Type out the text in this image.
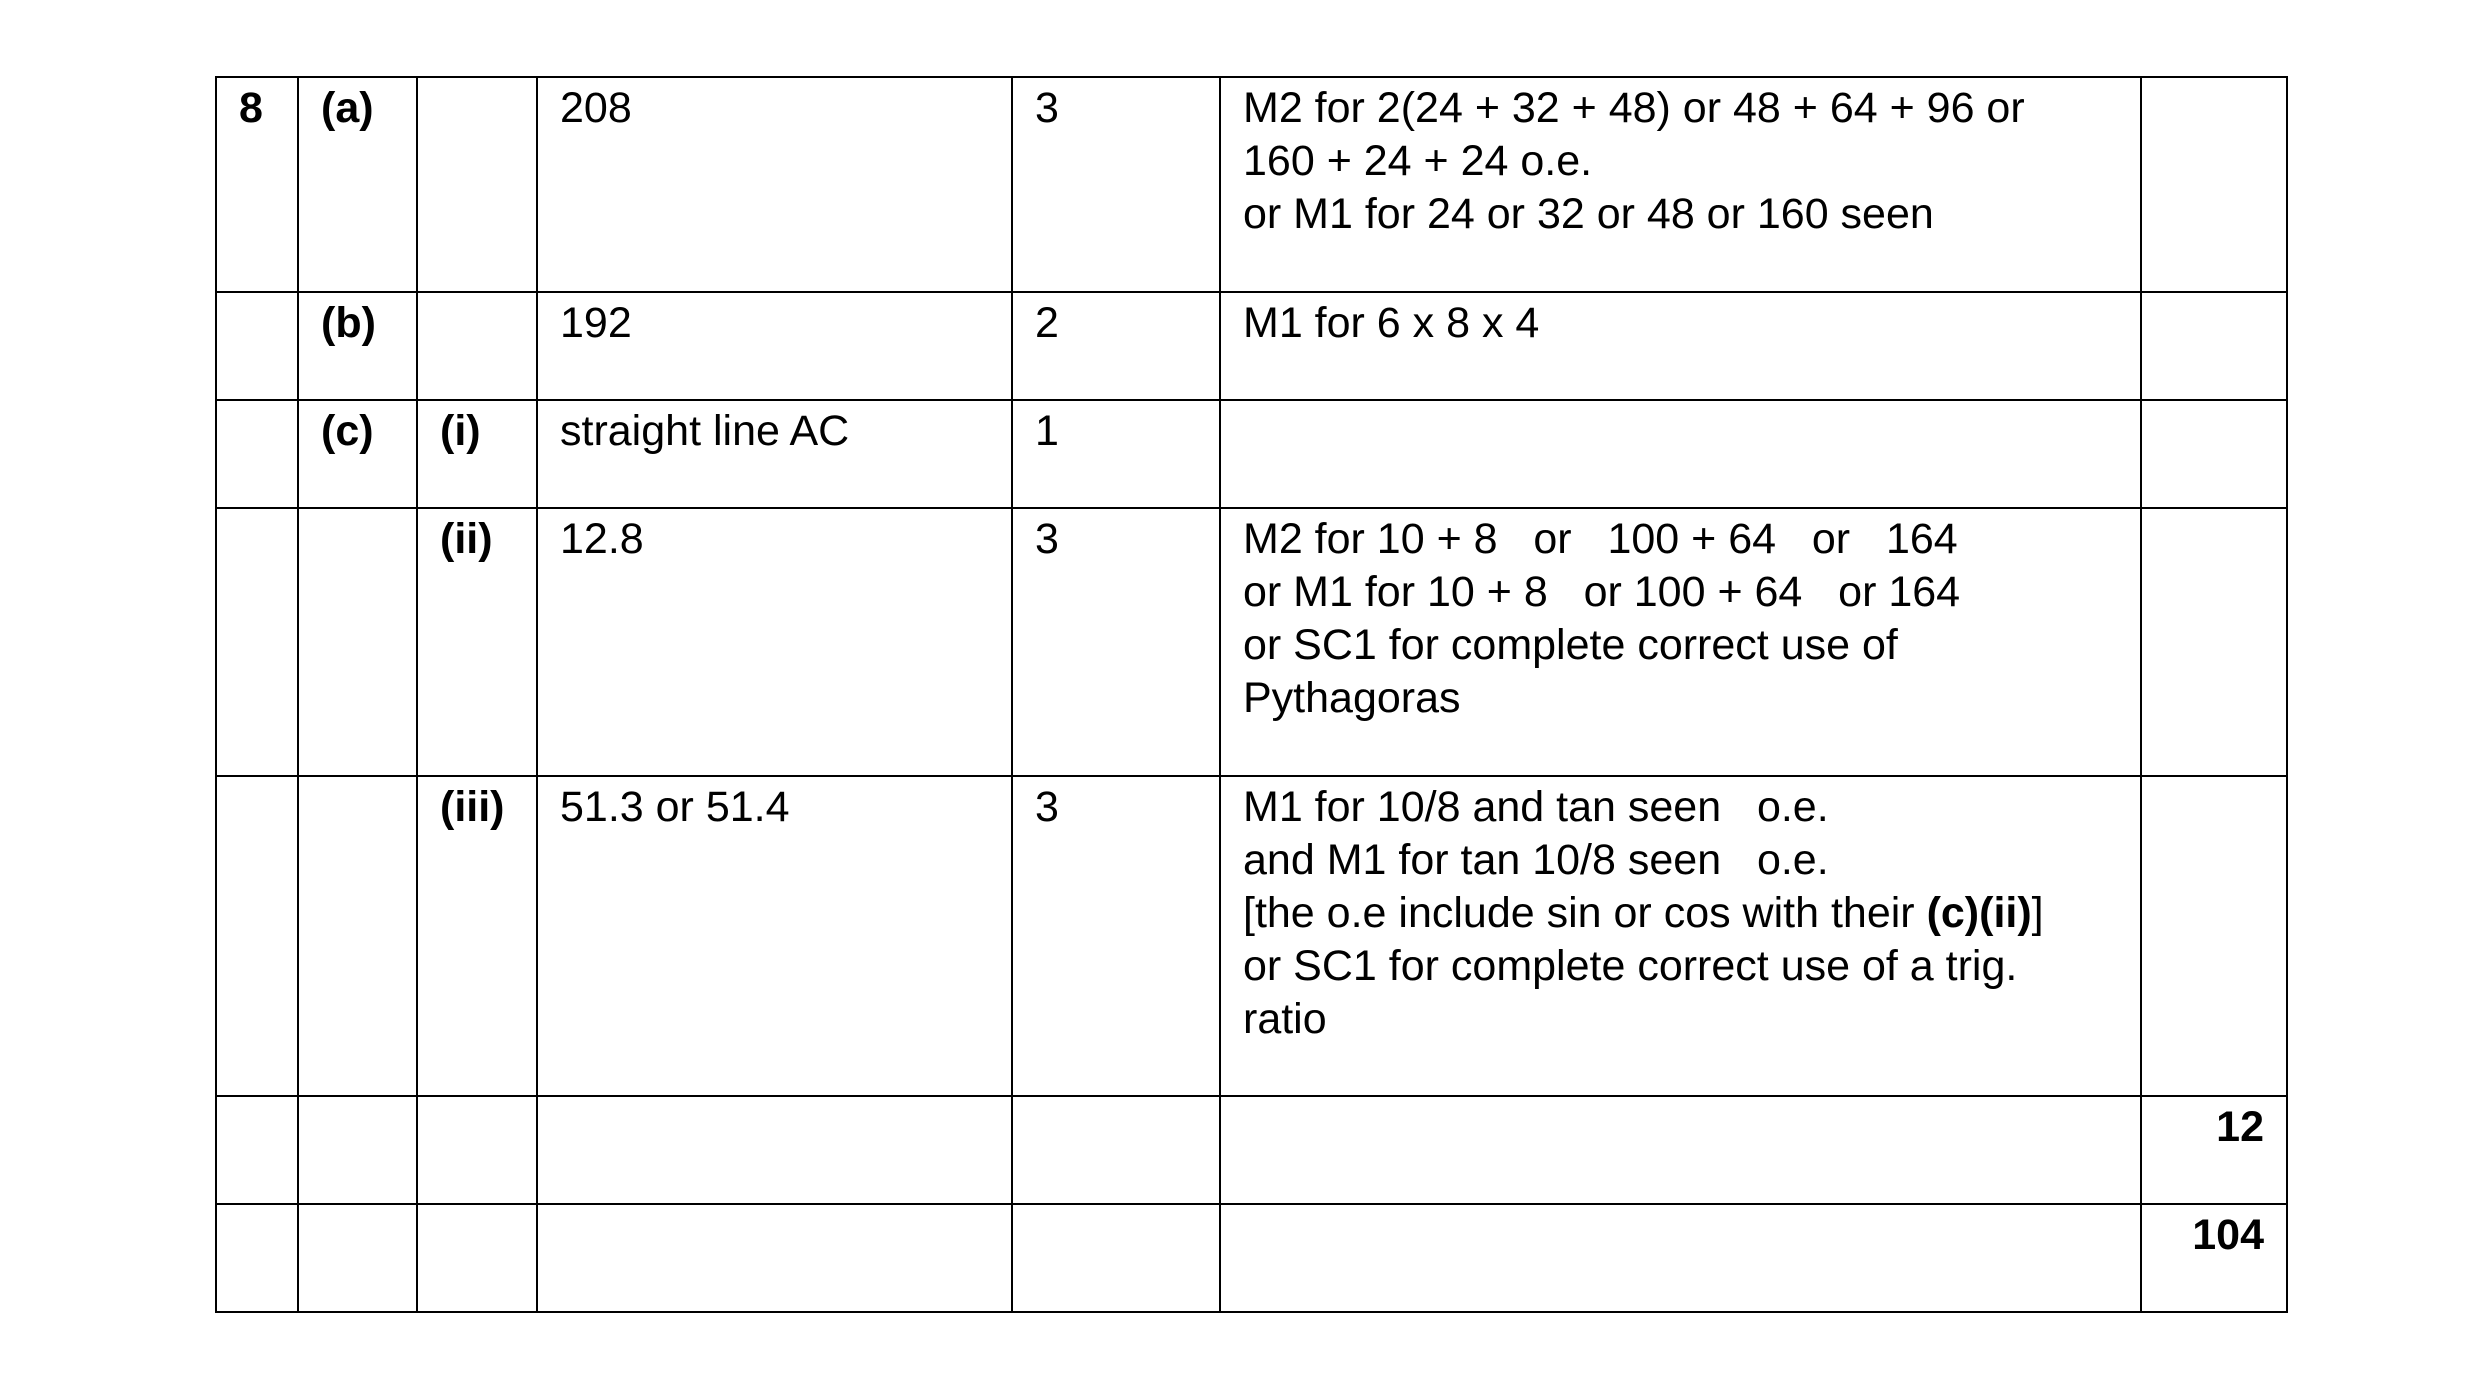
8	(a)		208	3	M2 for 2(24 + 32 + 48) or 48 + 64 + 96 or
160 + 24 + 24 o.e.
or M1 for 24 or 32 or 48 or 160 seen	

	(b)		192	2	M1 for 6 x 8 x 4	

	(c)	(i)	straight line AC	1		
		(ii)	12.8	3	M2 for 10 + 8   or   100 + 64   or   164
or M1 for 10 + 8   or 100 + 64   or 164
or SC1 for complete correct use of
Pythagoras	

		(iii)	51.3 or 51.4	3	M1 for 10/8 and tan seen   o.e.
and M1 for tan 10/8 seen   o.e.
[the o.e include sin or cos with their (c)(ii)]
or SC1 for complete correct use of a trig.
ratio	

						12
						104
